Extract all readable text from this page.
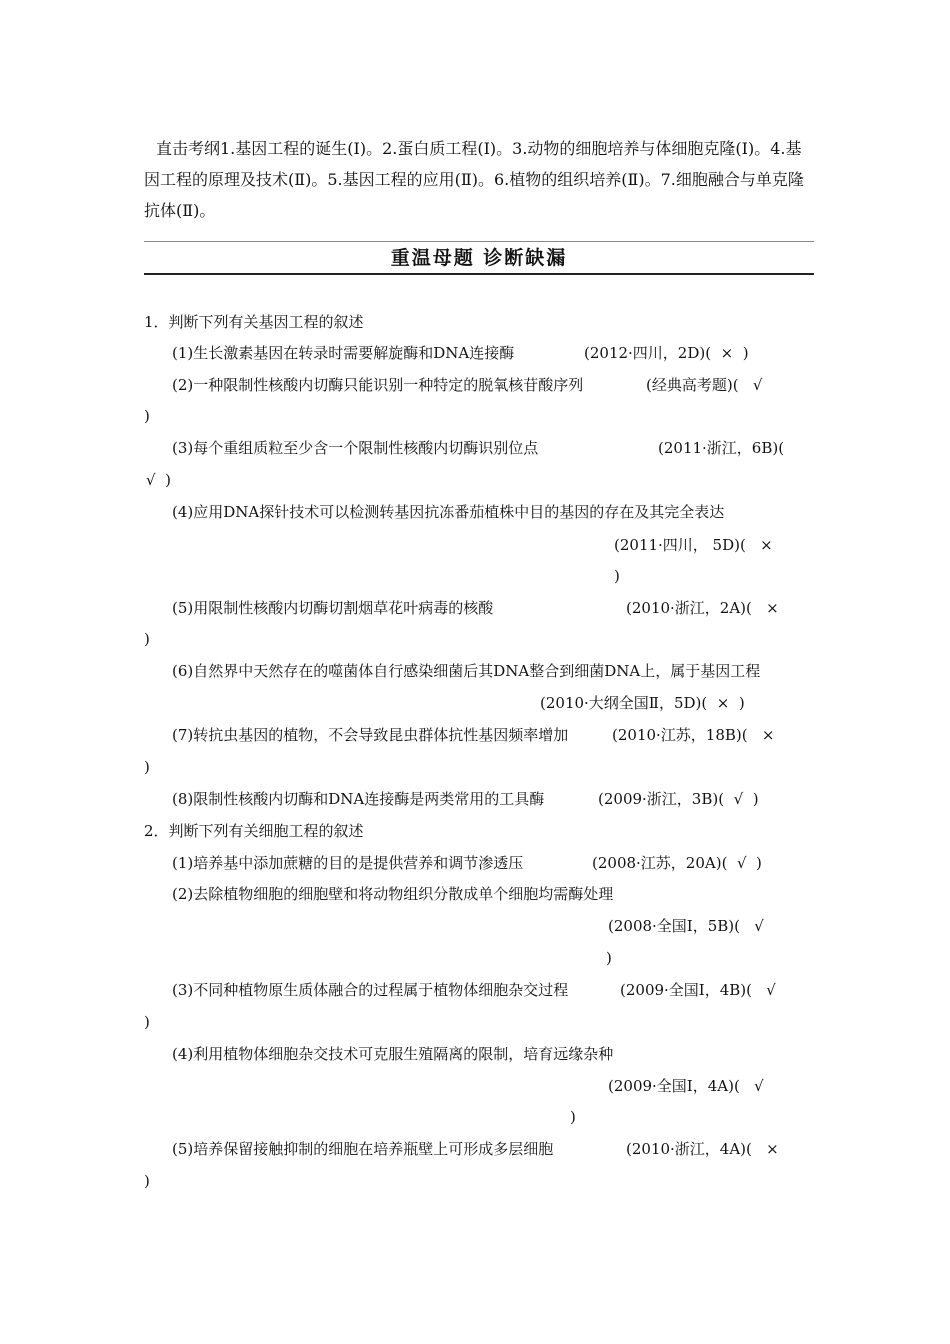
直击考纲1.基因工程的诞生(Ⅰ)。2.蛋白质工程(Ⅰ)。3.动物的细胞培养与体细胞克隆(Ⅰ)。4.基因工程的原理及技术(Ⅱ)。5.基因工程的应用(Ⅱ)。6.植物的组织培养(Ⅱ)。7.细胞融合与单克隆抗体(Ⅱ)。
重温母题 诊断缺漏
1．判断下列有关基因工程的叙述
(1)生长激素基因在转录时需要解旋酶和DNA连接酶	(2012·四川，2D)(  ×  )
(2)一种限制性核酸内切酶只能识别一种特定的脱氧核苷酸序列	(经典高考题)(   √
)
(3)每个重组质粒至少含一个限制性核酸内切酶识别位点	(2011·浙江，6B)(
√  )
(4)应用DNA探针技术可以检测转基因抗冻番茄植株中目的基因的存在及其完全表达
(2011·四川， 5D)(   ×
)
(5)用限制性核酸内切酶切割烟草花叶病毒的核酸	(2010·浙江，2A)(   ×
)
(6)自然界中天然存在的噬菌体自行感染细菌后其DNA整合到细菌DNA上，属于基因工程
(2010·大纲全国Ⅱ，5D)(  ×  )
(7)转抗虫基因的植物，不会导致昆虫群体抗性基因频率增加	(2010·江苏，18B)(   ×
)
(8)限制性核酸内切酶和DNA连接酶是两类常用的工具酶	(2009·浙江，3B)(  √  )
2．判断下列有关细胞工程的叙述
(1)培养基中添加蔗糖的目的是提供营养和调节渗透压	(2008·江苏，20A)(  √  )
(2)去除植物细胞的细胞壁和将动物组织分散成单个细胞均需酶处理
(2008·全国Ⅰ，5B)(   √
)
(3)不同种植物原生质体融合的过程属于植物体细胞杂交过程	(2009·全国Ⅰ，4B)(   √
)
(4)利用植物体细胞杂交技术可克服生殖隔离的限制，培育远缘杂种
(2009·全国Ⅰ，4A)(   √
)
(5)培养保留接触抑制的细胞在培养瓶壁上可形成多层细胞	(2010·浙江，4A)(   ×
)
